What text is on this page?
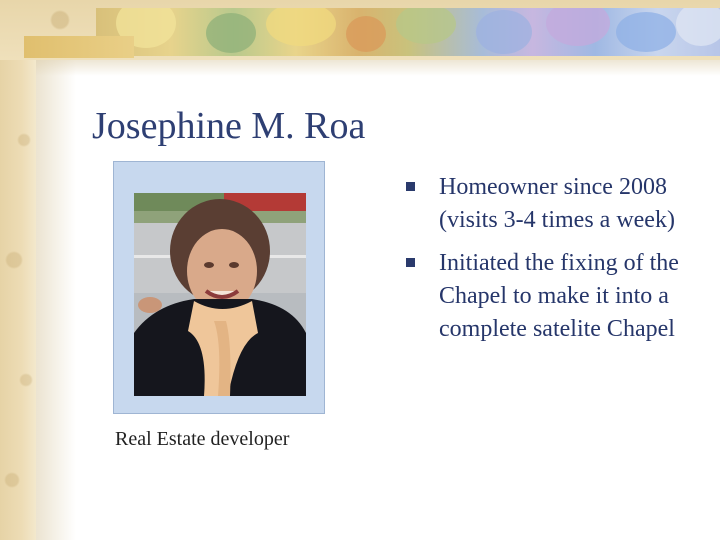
Josephine M. Roa
Real Estate developer
Homeowner since 2008 (visits 3-4 times a week)
Initiated the fixing of the Chapel to make it into a complete satelite Chapel
